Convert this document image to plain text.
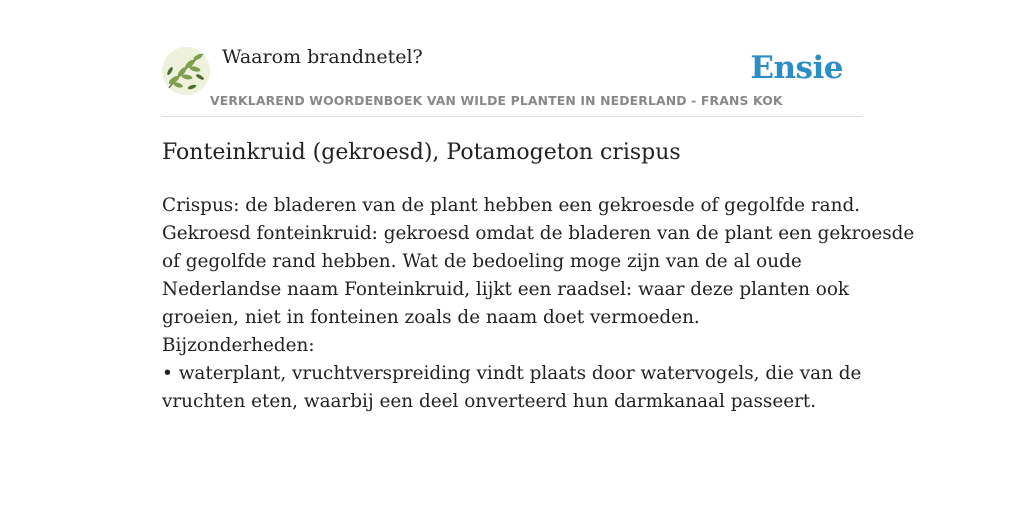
Waarom brandnetel?
VERKLAREND WOORDENBOEK VAN WILDE PLANTEN IN NEDERLAND - FRANS KOK
Ensie
Fonteinkruid (gekroesd), Potamogeton crispus
Crispus: de bladeren van de plant hebben een gekroesde of gegolfde rand.
Gekroesd fonteinkruid: gekroesd omdat de bladeren van de plant een gekroesde
of gegolfde rand hebben. Wat de bedoeling moge zijn van de al oude
Nederlandse naam Fonteinkruid, lijkt een raadsel: waar deze planten ook
groeien, niet in fonteinen zoals de naam doet vermoeden.
Bijzonderheden:
• waterplant, vruchtverspreiding vindt plaats door watervogels, die van de
vruchten eten, waarbij een deel onverteerd hun darmkanaal passeert.
